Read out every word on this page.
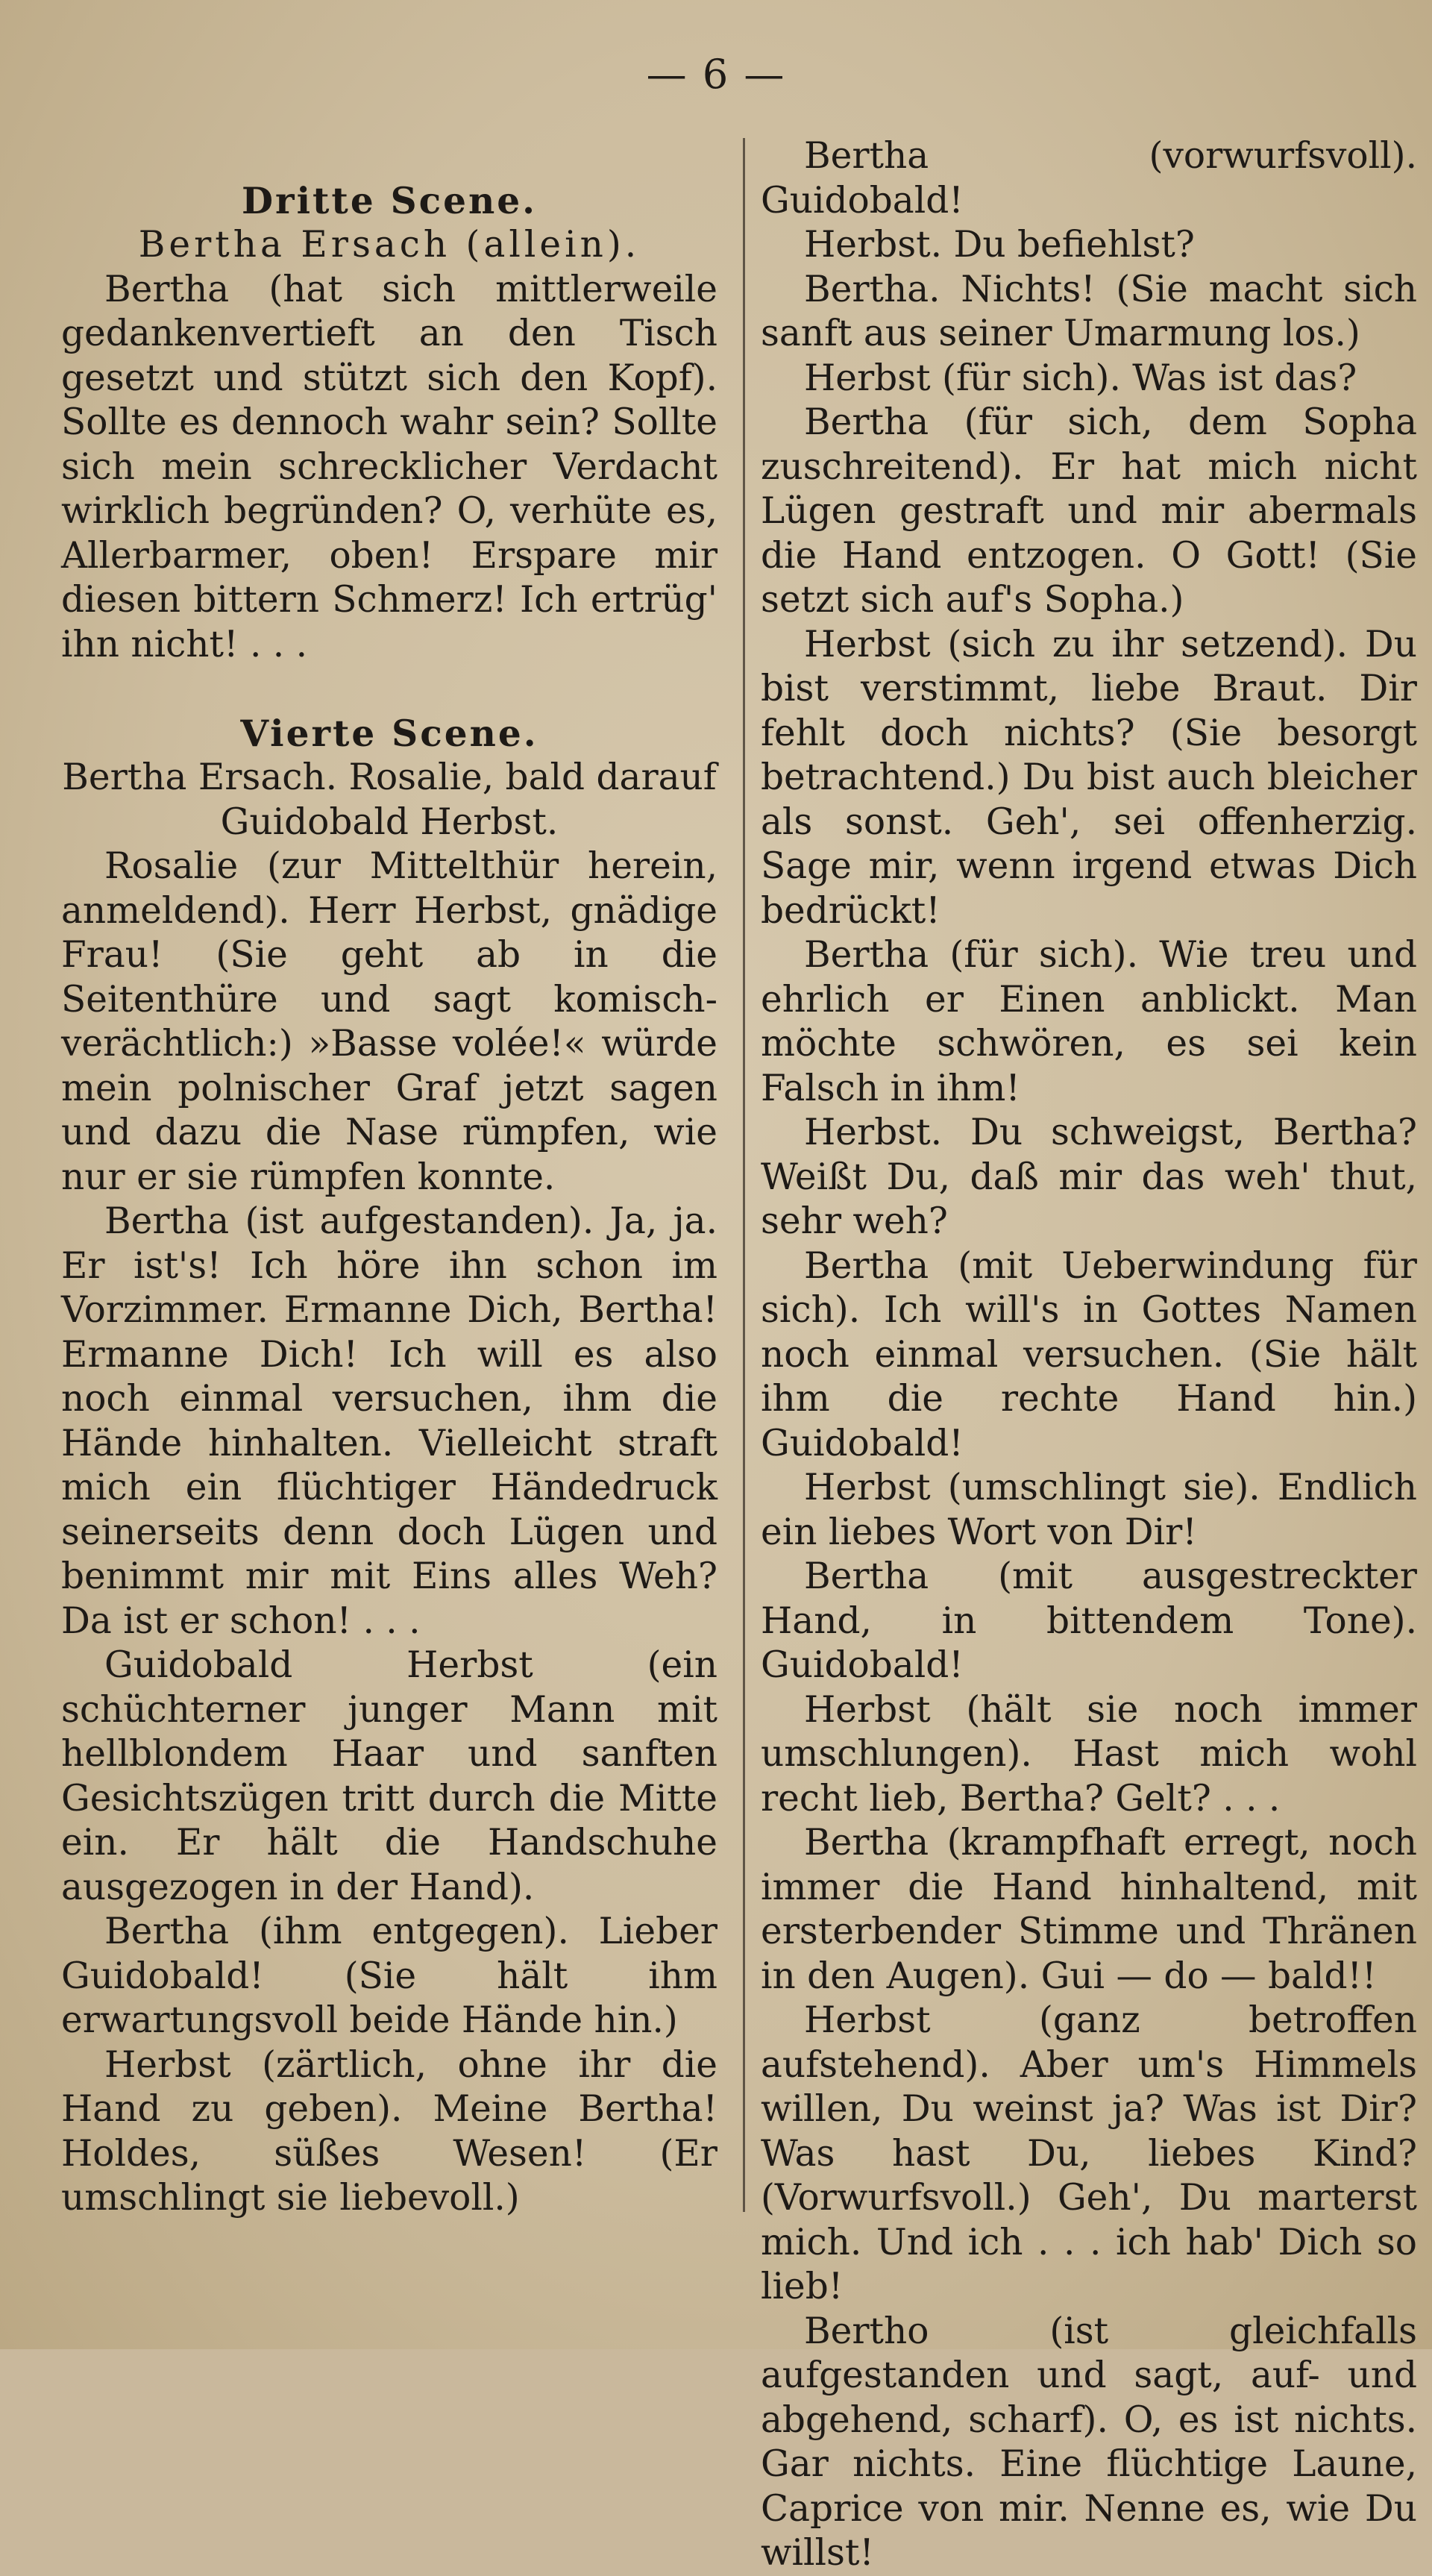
— 6 —

Dritte Scene.

Bertha Ersach (allein).

Bertha (hat sich mittlerweile gedankenvertieft an den Tisch gesetzt und stützt sich den Kopf). Sollte es dennoch wahr sein? Sollte sich mein schrecklicher Verdacht wirklich begründen? O, verhüte es, Allerbarmer, oben! Erspare mir diesen bittern Schmerz! Ich ertrüg' ihn nicht! . . .

Vierte Scene.

Bertha Ersach. Rosalie, bald darauf Guidobald Herbst.

Rosalie (zur Mittelthür herein, anmeldend). Herr Herbst, gnädige Frau! (Sie geht ab in die Seitenthüre und sagt komisch-verächtlich:) »Basse volée!« würde mein polnischer Graf jetzt sagen und dazu die Nase rümpfen, wie nur er sie rümpfen konnte.

Bertha (ist aufgestanden). Ja, ja. Er ist's! Ich höre ihn schon im Vorzimmer. Ermanne Dich, Bertha! Ermanne Dich! Ich will es also noch einmal versuchen, ihm die Hände hinhalten. Vielleicht straft mich ein flüchtiger Händedruck seinerseits denn doch Lügen und benimmt mir mit Eins alles Weh? Da ist er schon! . . .

Guidobald Herbst (ein schüchterner junger Mann mit hellblondem Haar und sanften Gesichtszügen tritt durch die Mitte ein. Er hält die Handschuhe ausgezogen in der Hand).

Bertha (ihm entgegen). Lieber Guidobald! (Sie hält ihm erwartungsvoll beide Hände hin.)

Herbst (zärtlich, ohne ihr die Hand zu geben). Meine Bertha! Holdes, süßes Wesen! (Er umschlingt sie liebevoll.)

Bertha (vorwurfsvoll). Guidobald!

Herbst. Du befiehlst?

Bertha. Nichts! (Sie macht sich sanft aus seiner Umarmung los.)

Herbst (für sich). Was ist das?

Bertha (für sich, dem Sopha zuschreitend). Er hat mich nicht Lügen gestraft und mir abermals die Hand entzogen. O Gott! (Sie setzt sich auf's Sopha.)

Herbst (sich zu ihr setzend). Du bist verstimmt, liebe Braut. Dir fehlt doch nichts? (Sie besorgt betrachtend.) Du bist auch bleicher als sonst. Geh', sei offenherzig. Sage mir, wenn irgend etwas Dich bedrückt!

Bertha (für sich). Wie treu und ehrlich er Einen anblickt. Man möchte schwören, es sei kein Falsch in ihm!

Herbst. Du schweigst, Bertha? Weißt Du, daß mir das weh' thut, sehr weh?

Bertha (mit Ueberwindung für sich). Ich will's in Gottes Namen noch einmal versuchen. (Sie hält ihm die rechte Hand hin.) Guidobald!

Herbst (umschlingt sie). Endlich ein liebes Wort von Dir!

Bertha (mit ausgestreckter Hand, in bittendem Tone). Guidobald!

Herbst (hält sie noch immer umschlungen). Hast mich wohl recht lieb, Bertha? Gelt? . . .

Bertha (krampfhaft erregt, noch immer die Hand hinhaltend, mit ersterbender Stimme und Thränen in den Augen). Gui — do — bald!!

Herbst (ganz betroffen aufstehend). Aber um's Himmels willen, Du weinst ja? Was ist Dir? Was hast Du, liebes Kind? (Vorwurfsvoll.) Geh', Du marterst mich. Und ich . . . ich hab' Dich so lieb!

Bertho (ist gleichfalls aufgestanden und sagt, auf- und abgehend, scharf). O, es ist nichts. Gar nichts. Eine flüchtige Laune, Caprice von mir. Nenne es, wie Du willst!
